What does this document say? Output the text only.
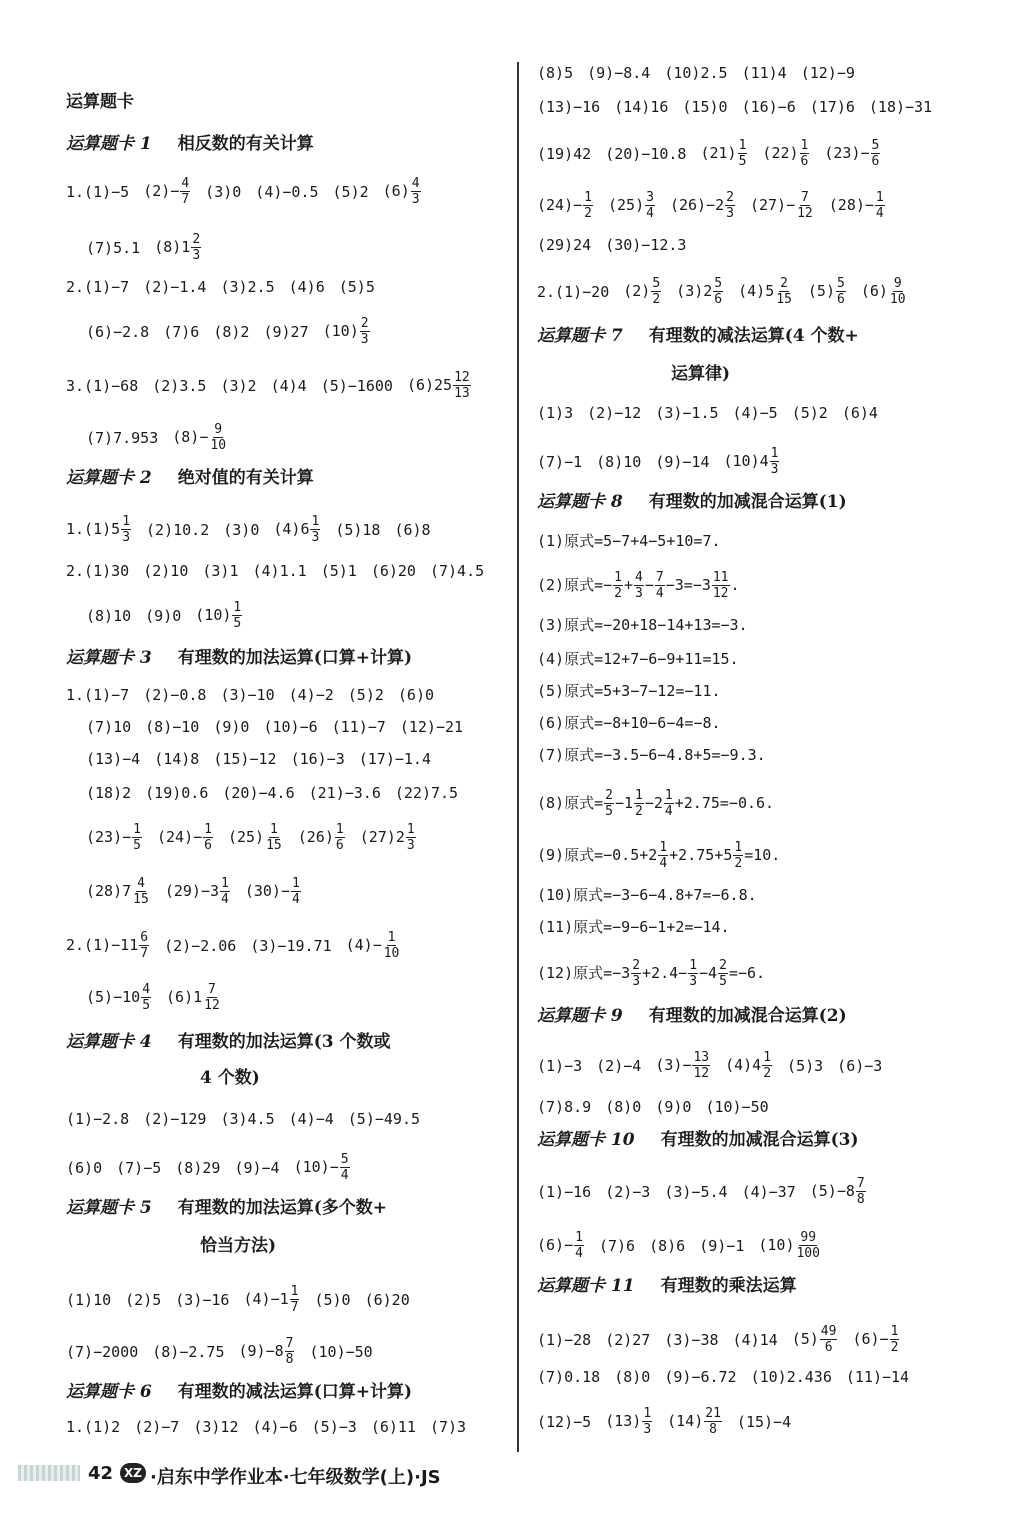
运算题卡
运算题卡 1 相反数的有关计算
1.(1)−5 $(2)- \frac{4}{7} (3)0$ (4)−0.5 (5)2 $(6) \frac{4}{3}$
(7)5.1 $(8)1 \frac{2}{3}$
2.(1)−7 (2)−1.4 (3)2.5 (4)6 (5)5
(6)−2.8 (7)6 (8)2 (9)27 $(10) \frac{2}{3}$
3.(1)−68 (2)3.5 (3)2 (4)4 (5)−1600 $(6)25 \frac{12}{13}$
(7)7.953 $(8)- \frac{9}{10}$
运算题卡 2 绝对值的有关计算
$1.(1)5 \frac{1}{3} (2)10.2$ (3)0 $(4)6 \frac{1}{3} (5)18$ (6)8
2.(1)30 (2)10 (3)1 (4)1.1 (5)1 (6)20 (7)4.5
(8)10 (9)0 $(10) \frac{1}{5}$
运算题卡 3 有理数的加法运算(口算+计算)
1.(1)−7 (2)−0.8 (3)−10 (4)−2 (5)2 (6)0
(7)10 (8)−10 (9)0 (10)−6 (11)−7 (12)−21
(13)−4 (14)8 (15)−12 (16)−3 (17)−1.4
(18)2 (19)0.6 (20)−4.6 (21)−3.6 (22)7.5
$(23)- \frac{1}{5} (24)- \frac{1}{6} (25) \frac{1}{15} (26) \frac{1}{6} (27)2 \frac{1}{3}$
$(28)7 \frac{4}{15} (29)-3 \frac{1}{4} (30)- \frac{1}{4}$
$2.(1)-11 \frac{6}{7} (2)-2.06$ (3)−19.71 $(4)- \frac{1}{10}$
$(5)-10 \frac{4}{5} (6)1 \frac{7}{12}$
运算题卡 4 有理数的加法运算(3 个数或
4 个数)
(1)−2.8 (2)−129 (3)4.5 (4)−4 (5)−49.5
(6)0 (7)−5 (8)29 (9)−4 $(10)- \frac{5}{4}$
运算题卡 5 有理数的加法运算(多个数+
恰当方法)
(1)10 (2)5 (3)−16 $(4)-1 \frac{1}{7} (5)0$ (6)20
(7)−2000 (8)−2.75 $(9)-8 \frac{7}{8} (10)-50$
运算题卡 6 有理数的减法运算(口算+计算)
1.(1)2 (2)−7 (3)12 (4)−6 (5)−3 (6)11 (7)3
(8)5 (9)−8.4 (10)2.5 (11)4 (12)−9
(13)−16 (14)16 (15)0 (16)−6 (17)6 (18)−31
(19)42 (20)−10.8 $(21) \frac{1}{5} (22) \frac{1}{6} (23)- \frac{5}{6}$
$(24)- \frac{1}{2} (25) \frac{3}{4} (26)-2 \frac{2}{3} (27)- \frac{7}{12} (28)- \frac{1}{4}$
(29)24 (30)−12.3
2.(1)−20 $(2) \frac{5}{2} (3)2 \frac{5}{6} (4)5 \frac{2}{15} (5) \frac{5}{6} (6) \frac{9}{10}$
运算题卡 7 有理数的减法运算(4 个数+
运算律)
(1)3 (2)−12 (3)−1.5 (4)−5 (5)2 (6)4
(7)−1 (8)10 (9)−14 $(10)4 \frac{1}{3}$
运算题卡 8 有理数的加减混合运算(1)
(1)原式=5−7+4−5+10=7.
(2)原式=− $\frac{1}{2} + \frac{4}{3} - \frac{7}{4} -3=-3 \frac{11}{12}$ .
(3)原式=−20+18−14+13=−3.
(4)原式=12+7−6−9+11=15.
(5)原式=5+3−7−12=−11.
(6)原式=−8+10−6−4=−8.
(7)原式=−3.5−6−4.8+5=−9.3.
(8)原式= $\frac{2}{5} -1 \frac{1}{2} -2 \frac{1}{4} +2.75=-0.6$.
(9)原式$=-0.5+2 \frac{1}{4} +2.75+5 \frac{1}{2} =10$.
(10)原式=−3−6−4.8+7=−6.8.
(11)原式=−9−6−1+2=−14.
(12)原式$=-3 \frac{2}{3} +2.4- \frac{1}{3} -4 \frac{2}{5} =-6$.
运算题卡 9 有理数的加减混合运算(2)
(1)−3 (2)−4 $(3)- \frac{13}{12} (4)4 \frac{1}{2} (5)3$ (6)−3
(7)8.9 (8)0 (9)0 (10)−50
运算题卡 10 有理数的加减混合运算(3)
(1)−16 (2)−3 (3)−5.4 (4)−37 $(5)-8 \frac{7}{8}$
$(6)- \frac{1}{4} (7)6$ (8)6 (9)−1 $(10) \frac{99}{100}$
运算题卡 11 有理数的乘法运算
(1)−28 (2)27 (3)−38 (4)14 $(5) \frac{49}{6} (6)- \frac{1}{2}$
(7)0.18 (8)0 (9)−6.72 (10)2.436 (11)−14
(12)−5 $(13) \frac{1}{3} (14) \frac{21}{8} (15)-4$
42 XZ ·启东中学作业本·七年级数学(上)·JS
